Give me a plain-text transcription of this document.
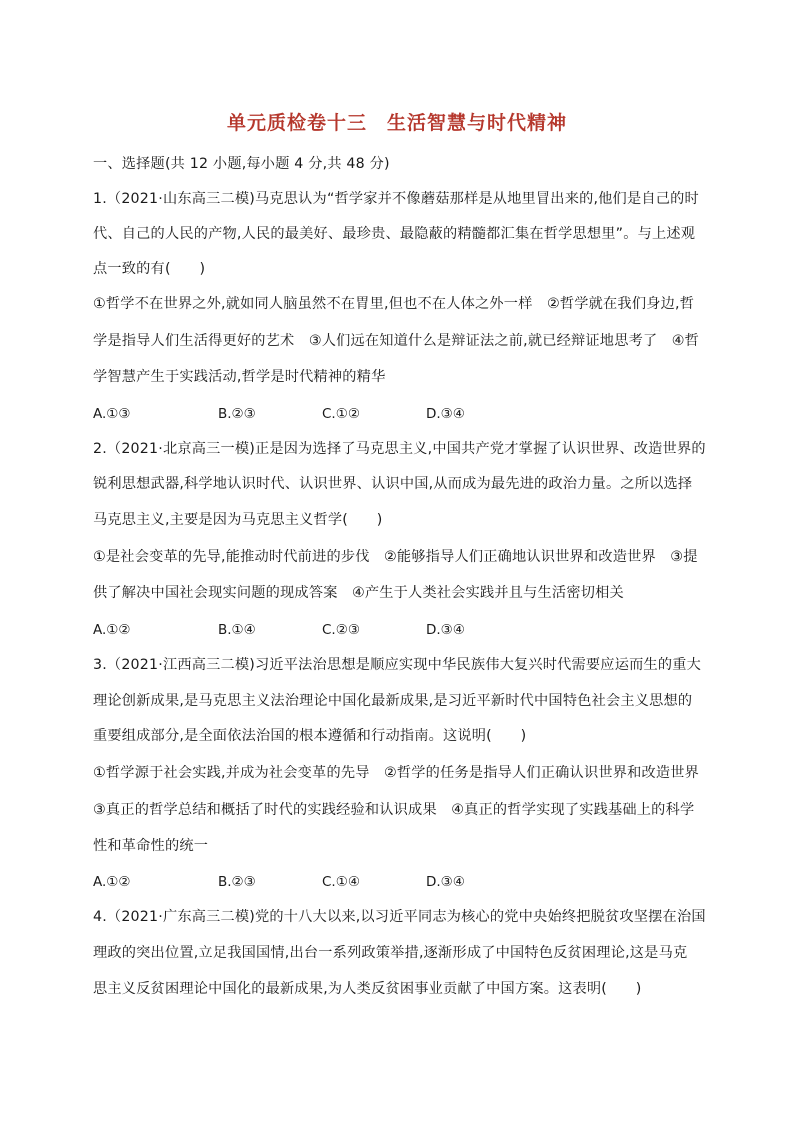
单元质检卷十三　生活智慧与时代精神
一、选择题(共 12 小题,每小题 4 分,共 48 分)
1.（2021·山东高三二模)马克思认为“哲学家并不像蘑菇那样是从地里冒出来的,他们是自己的时
代、自己的人民的产物,人民的最美好、最珍贵、最隐蔽的精髓都汇集在哲学思想里”。与上述观
点一致的有(　　)
①哲学不在世界之外,就如同人脑虽然不在胃里,但也不在人体之外一样　②哲学就在我们身边,哲
学是指导人们生活得更好的艺术　③人们远在知道什么是辩证法之前,就已经辩证地思考了　④哲
学智慧产生于实践活动,哲学是时代精神的精华
A.①③	B.②③	C.①②	D.③④
2.（2021·北京高三一模)正是因为选择了马克思主义,中国共产党才掌握了认识世界、改造世界的
锐利思想武器,科学地认识时代、认识世界、认识中国,从而成为最先进的政治力量。之所以选择
马克思主义,主要是因为马克思主义哲学(　　)
①是社会变革的先导,能推动时代前进的步伐　②能够指导人们正确地认识世界和改造世界　③提
供了解决中国社会现实问题的现成答案　④产生于人类社会实践并且与生活密切相关
A.①②	B.①④	C.②③	D.③④
3.（2021·江西高三二模)习近平法治思想是顺应实现中华民族伟大复兴时代需要应运而生的重大
理论创新成果,是马克思主义法治理论中国化最新成果,是习近平新时代中国特色社会主义思想的
重要组成部分,是全面依法治国的根本遵循和行动指南。这说明(　　)
①哲学源于社会实践,并成为社会变革的先导　②哲学的任务是指导人们正确认识世界和改造世界
③真正的哲学总结和概括了时代的实践经验和认识成果　④真正的哲学实现了实践基础上的科学
性和革命性的统一
A.①②	B.②③	C.①④	D.③④
4.（2021·广东高三二模)党的十八大以来,以习近平同志为核心的党中央始终把脱贫攻坚摆在治国
理政的突出位置,立足我国国情,出台一系列政策举措,逐渐形成了中国特色反贫困理论,这是马克
思主义反贫困理论中国化的最新成果,为人类反贫困事业贡献了中国方案。这表明(　　)
